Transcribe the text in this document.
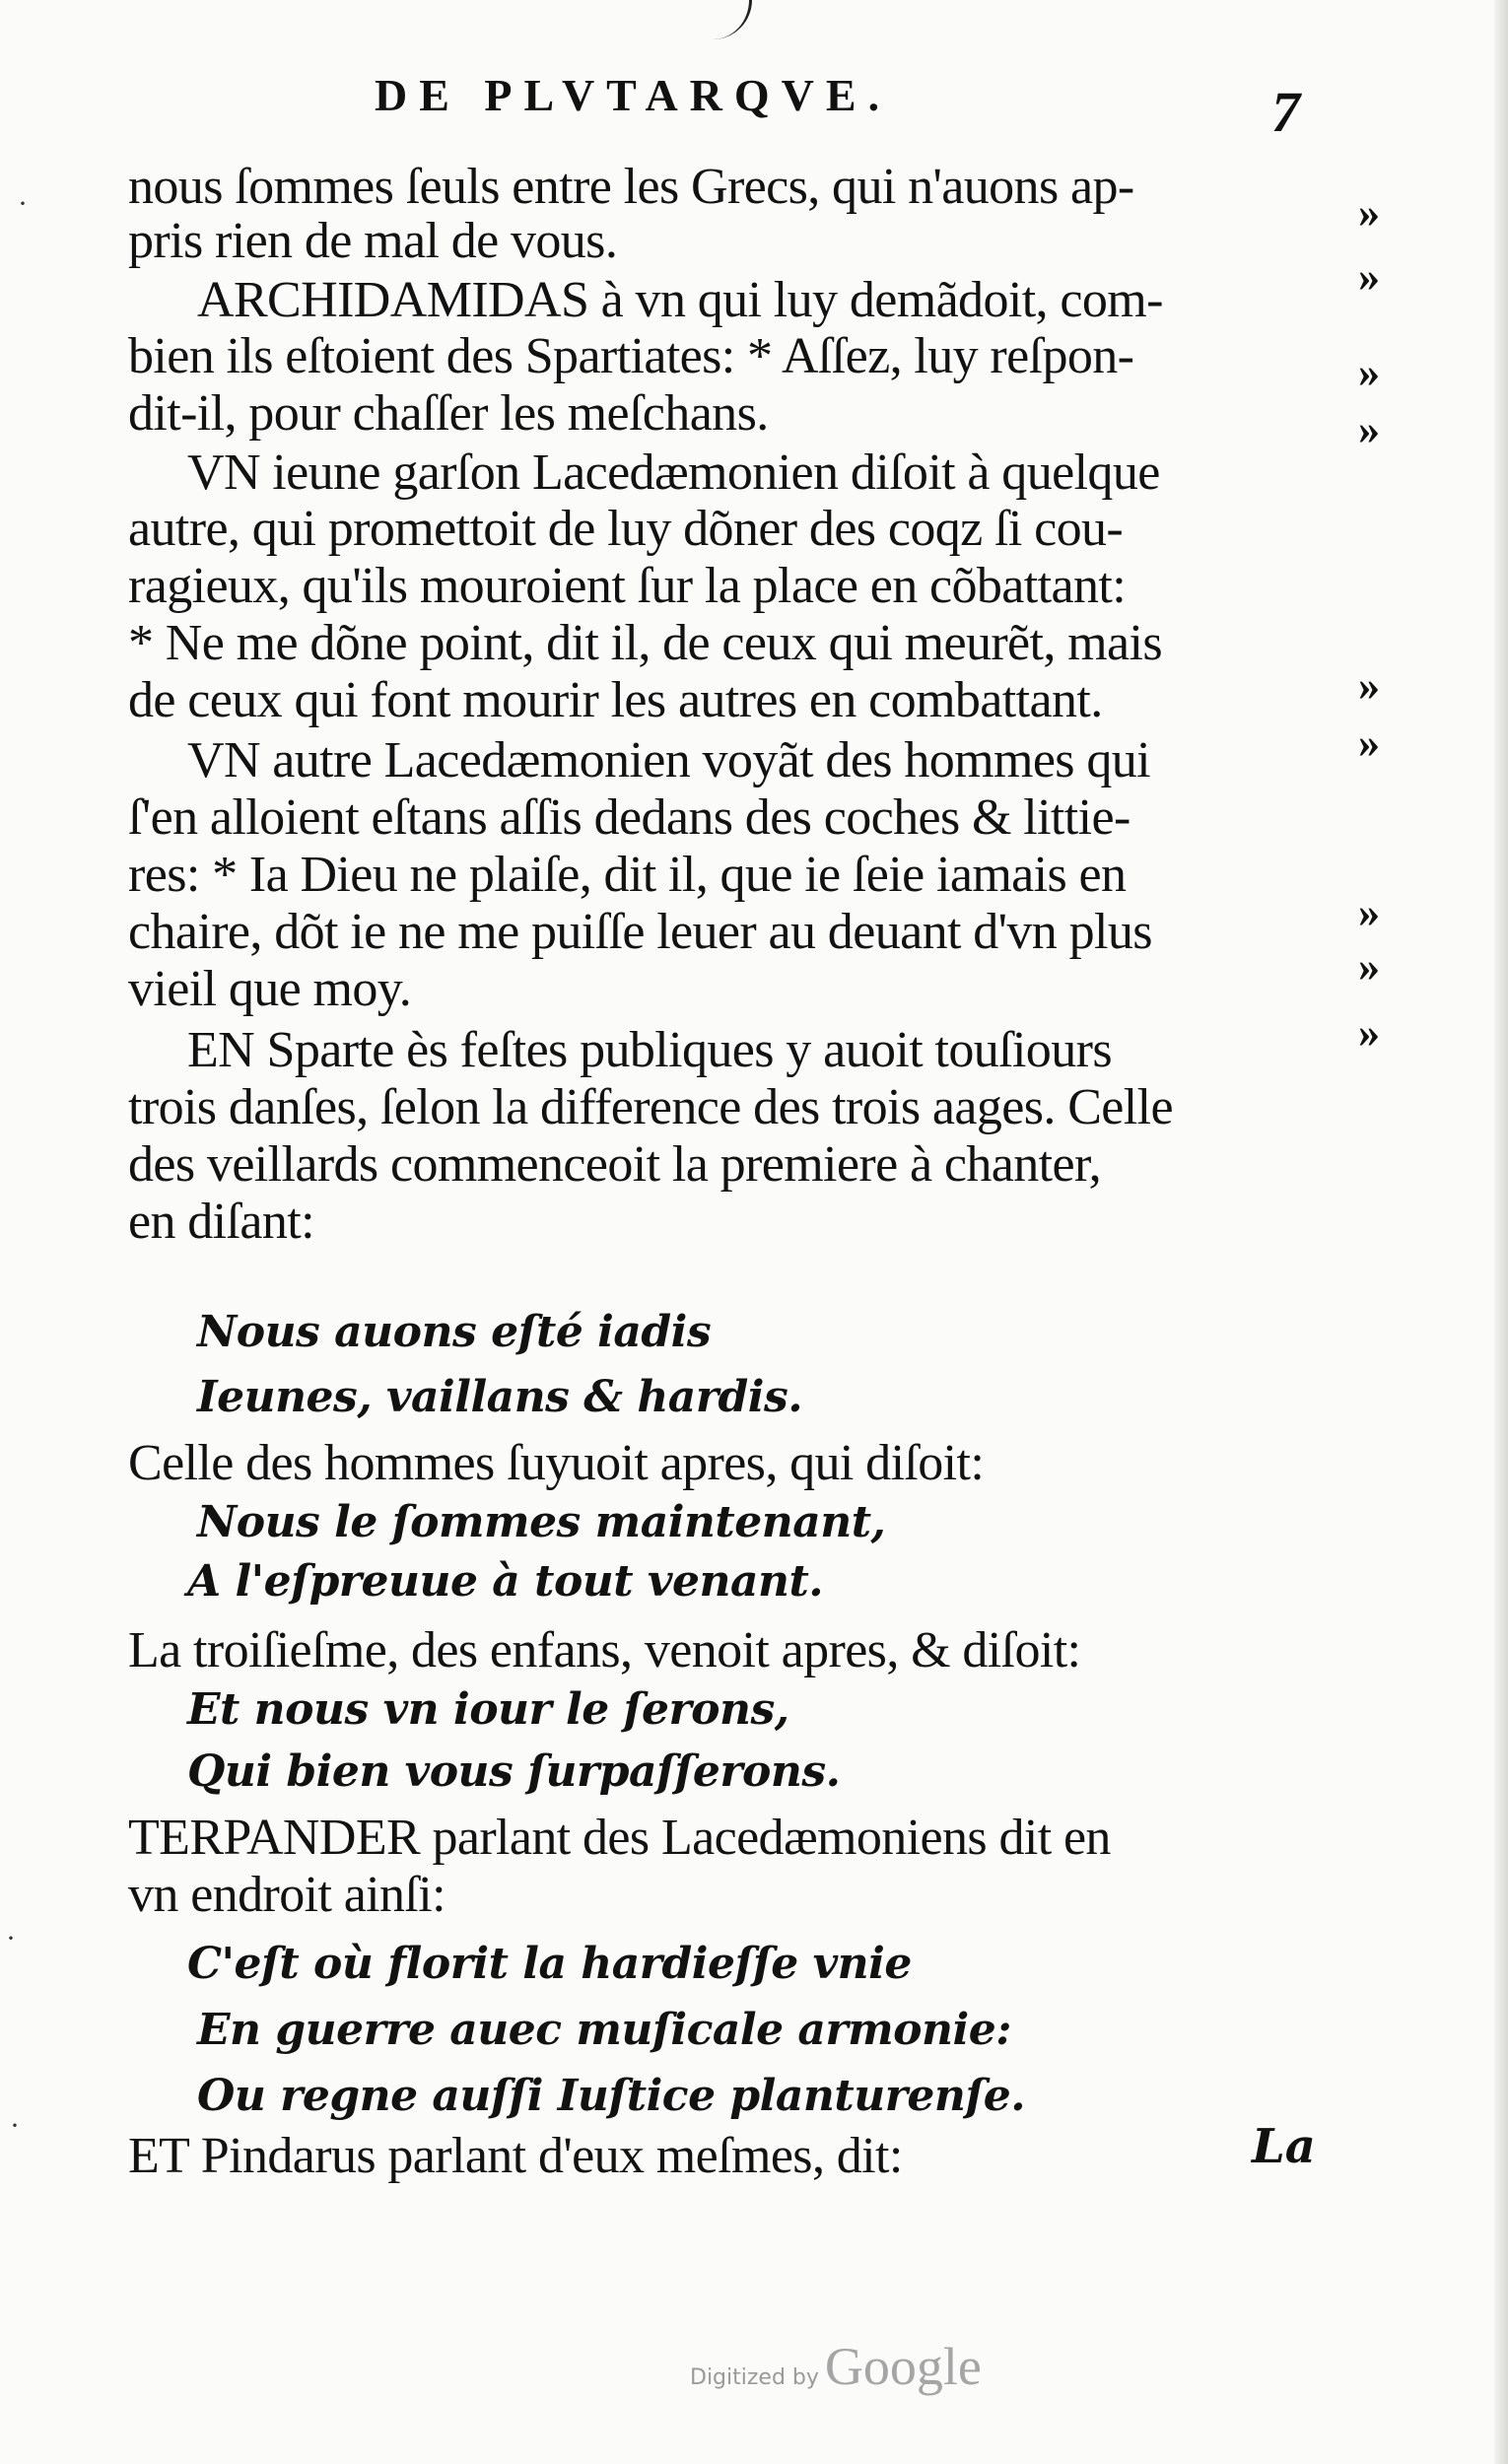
DE PLVTARQVE.	7
nous ſommes ſeuls entre les Grecs, qui n'auons ap-
pris rien de mal de vous.
ARCHIDAMIDAS à vn qui luy demãdoit, com-
bien ils eſtoient des Spartiates: * Aſſez, luy reſpon-
dit-il, pour chaſſer les meſchans.
VN ieune garſon Lacedæmonien diſoit à quelque
autre, qui promettoit de luy dõner des coqz ſi cou-
ragieux, qu'ils mouroient ſur la place en cõbattant:
* Ne me dõne point, dit il, de ceux qui meurẽt, mais
de ceux qui font mourir les autres en combattant.
VN autre Lacedæmonien voyãt des hommes qui
ſ'en alloient eſtans aſſis dedans des coches & littie-
res: * Ia Dieu ne plaiſe, dit il, que ie ſeie iamais en
chaire, dõt ie ne me puiſſe leuer au deuant d'vn plus
vieil que moy.
EN Sparte ès feſtes publiques y auoit touſiours
trois danſes, ſelon la difference des trois aages. Celle
des veillards commenceoit la premiere à chanter,
en diſant:
Nous auons eſté iadis
Ieunes, vaillans & hardis.
Celle des hommes ſuyuoit apres, qui diſoit:
Nous le ſommes maintenant,
A l'eſpreuue à tout venant.
La troiſieſme, des enfans, venoit apres, & diſoit:
Et nous vn iour le ſerons,
Qui bien vous ſurpaſſerons.
TERPANDER parlant des Lacedæmoniens dit en
vn endroit ainſi:
C'eſt où florit la hardieſſe vnie
En guerre auec muſicale armonie:
Ou regne auſſi Iuſtice planturenſe.
ET Pindarus parlant d'eux meſmes, dit:
»
»
»
»
»
»
»
»
»
·
·
·	La
Digitized by Google
